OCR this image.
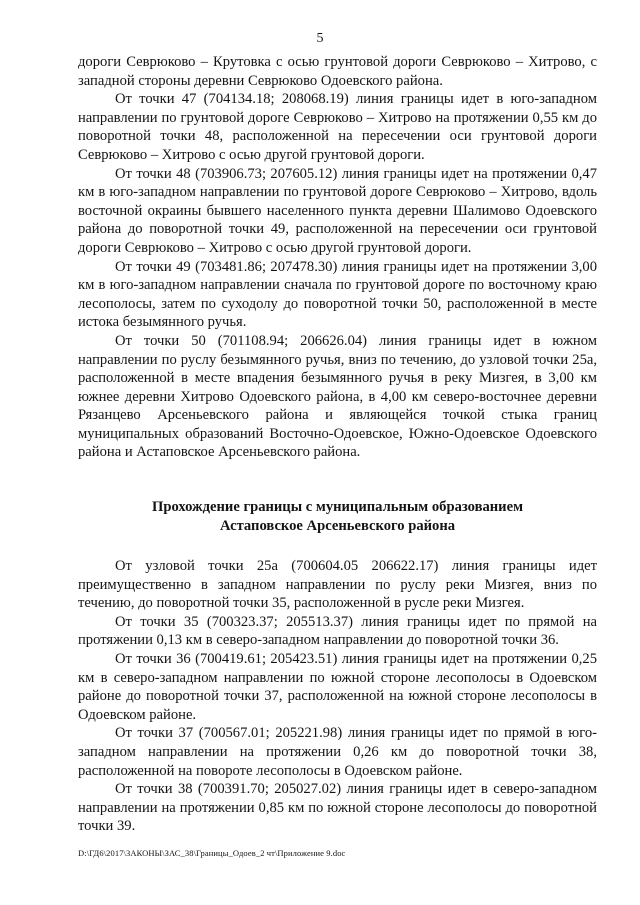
5

дороги Севрюково – Крутовка с осью грунтовой дороги Севрюково – Хитрово, с западной стороны деревни Севрюково Одоевского района.

От точки 47 (704134.18; 208068.19) линия границы идет в юго-западном направлении по грунтовой дороге Севрюково – Хитрово на протяжении 0,55 км до поворотной точки 48, расположенной на пересечении оси грунтовой дороги Севрюково – Хитрово с осью другой грунтовой дороги.

От точки 48 (703906.73; 207605.12) линия границы идет на протяжении 0,47 км в юго-западном направлении по грунтовой дороге Севрюково – Хитрово, вдоль восточной окраины бывшего населенного пункта деревни Шалимово Одоевского района до поворотной точки 49, расположенной на пересечении оси грунтовой дороги Севрюково – Хитрово с осью другой грунтовой дороги.

От точки 49 (703481.86; 207478.30) линия границы идет на протяжении 3,00 км в юго-западном направлении сначала по грунтовой дороге по восточному краю лесополосы, затем по суходолу до поворотной точки 50, расположенной в месте истока безымянного ручья.

От точки 50 (701108.94; 206626.04) линия границы идет в южном направлении по руслу безымянного ручья, вниз по течению, до узловой точки 25а, расположенной в месте впадения безымянного ручья в реку Мизгея, в 3,00 км южнее деревни Хитрово Одоевского района, в 4,00 км северо-восточнее деревни Рязанцево Арсеньевского района и являющейся точкой стыка границ муниципальных образований Восточно-Одоевское, Южно-Одоевское Одоевского района и Астаповское Арсеньевского района.

Прохождение границы с муниципальным образованием
Астаповское Арсеньевского района

От узловой точки 25а (700604.05 206622.17) линия границы идет преимущественно в западном направлении по руслу реки Мизгея, вниз по течению, до поворотной точки 35, расположенной в русле реки Мизгея.

От точки 35 (700323.37; 205513.37) линия границы идет по прямой на протяжении 0,13 км в северо-западном направлении до поворотной точки 36.

От точки 36 (700419.61; 205423.51) линия границы идет на протяжении 0,25 км в северо-западном направлении по южной стороне лесополосы в Одоевском районе до поворотной точки 37, расположенной на южной стороне лесополосы в Одоевском районе.

От точки 37 (700567.01; 205221.98) линия границы идет по прямой в юго-западном направлении на протяжении 0,26 км до поворотной точки 38, расположенной на повороте лесополосы в Одоевском районе.

От точки 38 (700391.70; 205027.02) линия границы идет в северо-западном направлении на протяжении 0,85 км по южной стороне лесополосы до поворотной точки 39.

D:\ГД6\2017\ЗАКОНЫ\ЗАС_38\Границы_Одоев_2 чт\Приложение 9.doc
